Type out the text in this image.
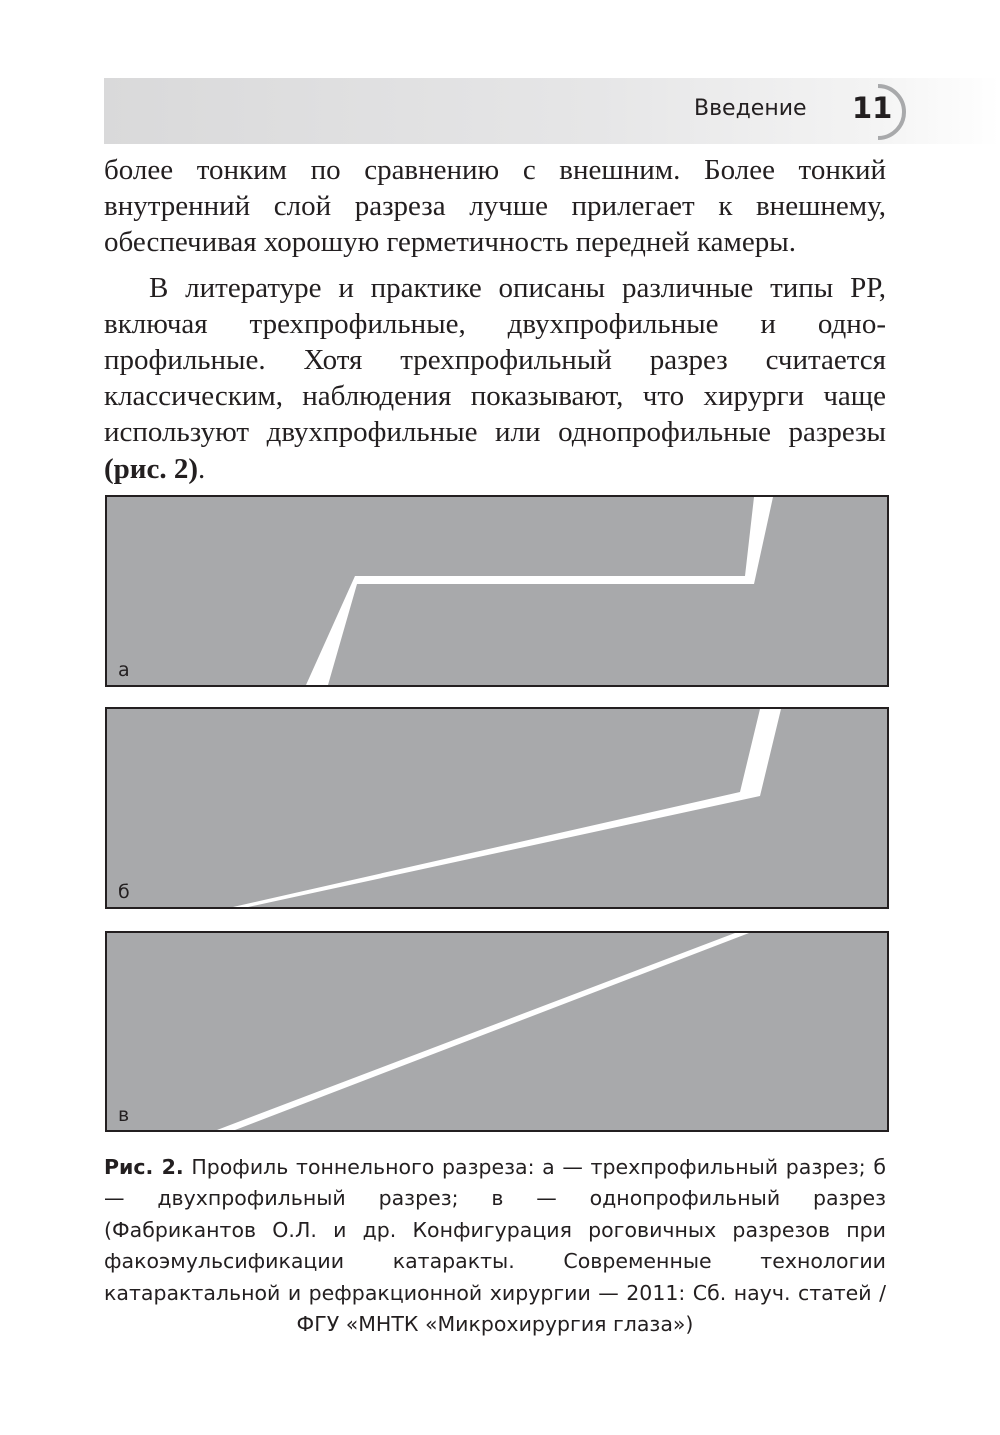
Введение 11

более тонким по сравнению с внешним. Более тонкий внутренний слой разреза лучше прилегает к внешнему, обеспечивая хорошую герметичность передней камеры.

В литературе и практике описаны различные типы РР, включая трехпрофильные, двухпрофильные и однопрофильные. Хотя трехпрофильный разрез считается классическим, наблюдения показывают, что хирурги чаще используют двухпрофильные или однопрофильные разрезы (рис. 2).

а
б
в
Рис. 2. Профиль тоннельного разреза: а — трехпрофильный разрез; б — двухпрофильный разрез; в — однопрофильный разрез (Фабрикантов О.Л. и др. Конфигурация роговичных разрезов при факоэмульсификации катаракты. Современные технологии катарактальной и рефракционной хирургии — 2011: Сб. науч. статей / ФГУ «МНТК «Микрохирургия глаза»)
